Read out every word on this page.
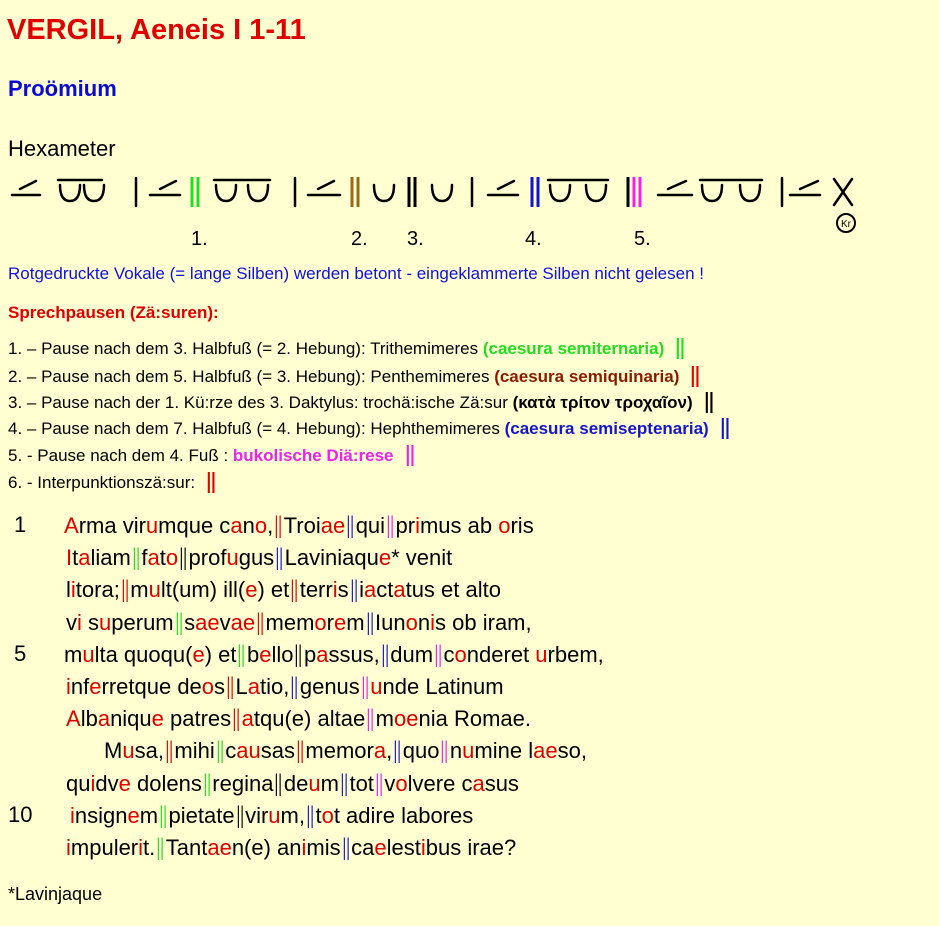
VERGIL, Aeneis I 1-11
Proömium
Hexameter
Kr
1.	2. 3.	4.	5.
Rotgedruckte Vokale (= lange Silben) werden betont - eingeklammerte Silben nicht gelesen !
Sprechpausen (Zä:suren):
1. – Pause nach dem 3. Halbfuß (= 2. Hebung): Trithemimeres (caesura semiternaria) ||
2. – Pause nach dem 5. Halbfuß (= 3. Hebung): Penthemimeres (caesura semiquinaria) ||
3. – Pause nach der 1. Kü:rze des 3. Daktylus: trochä:ische Zä:sur (κατὰ τρίτον τροχαῖον) ||
4. – Pause nach dem 7. Halbfuß (= 4. Hebung): Hephthemimeres (caesura semiseptenaria) ||
5. - Pause nach dem 4. Fuß : bukolische Diä:rese ||
6. - Interpunktionszä:sur: ||
1 Arma virumque cano,||Troiae||qui||primus ab oris
Italiam||fato||profugus||Laviniaque* venit
litora;||mult(um) ill(e) et||terris||iactatus et alto
vi superum||saevae||memorem||Iunonis ob iram,
5 multa quoqu(e) et||bello||passus,||dum||conderet urbem,
inferretque deos||Latio,||genus||unde Latinum
Albanique patres||atqu(e) altae||moenia Romae.
Musa,||mihi||causas||memora,||quo||numine laeso,
quidve dolens||regina||deum||tot||volvere casus
10 insignem||pietate||virum,||tot adire labores
impulerit.||Tantaen(e) animis||caelestibus irae?
*Lavinjaque
